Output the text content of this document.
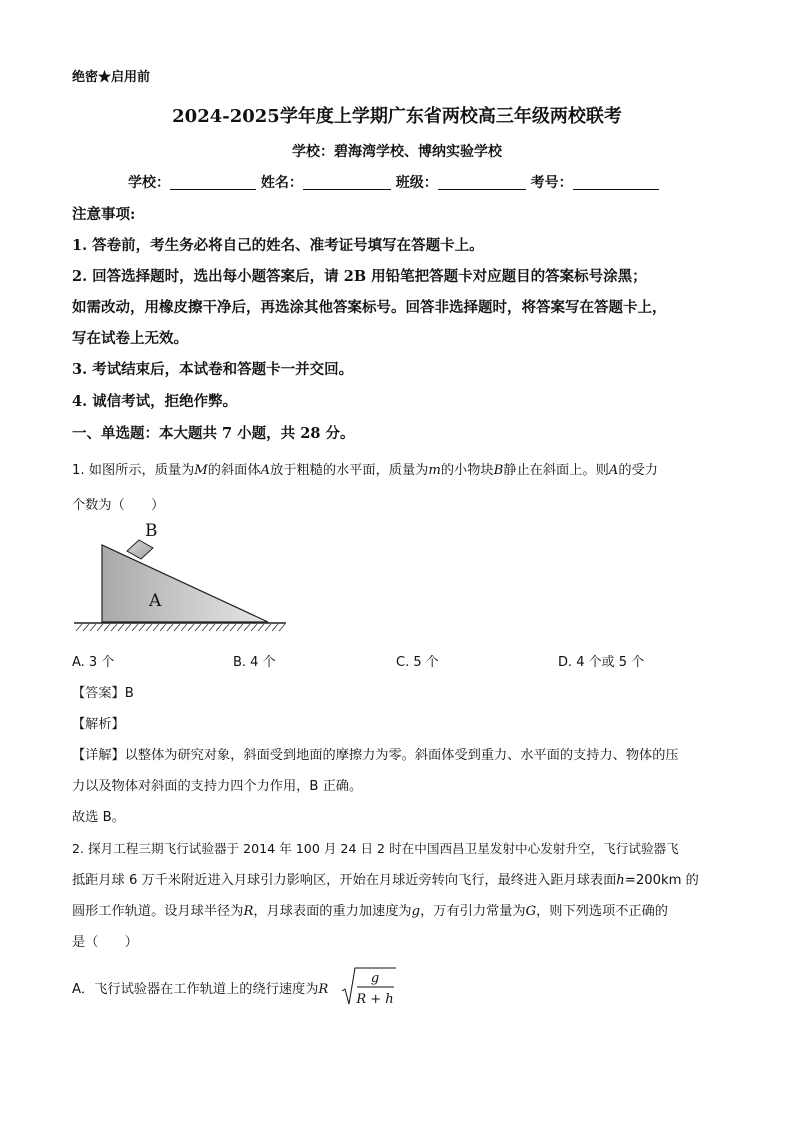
绝密★启用前
2024-2025学年度上学期广东省两校高三年级两校联考
学校：碧海湾学校、博纳实验学校
学校：	姓名：	班级：	考号：
注意事项:
1. 答卷前，考生务必将自己的姓名、准考证号填写在答题卡上。
2. 回答选择题时，选出每小题答案后，请 2B 用铅笔把答题卡对应题目的答案标号涂黑；
如需改动，用橡皮擦干净后，再选涂其他答案标号。回答非选择题时，将答案写在答题卡上，
写在试卷上无效。
3. 考试结束后，本试卷和答题卡一并交回。
4. 诚信考试，拒绝作弊。
一、单选题：本大题共 7 小题，共 28 分。
1. 如图所示，质量为M的斜面体A放于粗糙的水平面，质量为m的小物块B静止在斜面上。则A的受力
个数为（　　）
B
A
A. 3 个	B. 4 个	C. 5 个	D. 4 个或 5 个
【答案】B
【解析】
【详解】以整体为研究对象，斜面受到地面的摩擦力为零。斜面体受到重力、水平面的支持力、物体的压
力以及物体对斜面的支持力四个力作用，B 正确。
故选 B。
2. 探月工程三期飞行试验器于 2014 年 100 月 24 日 2 时在中国西昌卫星发射中心发射升空，飞行试验器飞
抵距月球 6 万千米附近进入月球引力影响区，开始在月球近旁转向飞行，最终进入距月球表面h=200km 的
圆形工作轨道。设月球半径为R，月球表面的重力加速度为g，万有引力常量为G，则下列选项不正确的
是（　　）
A．飞行试验器在工作轨道上的绕行速度为R
g
R + h
